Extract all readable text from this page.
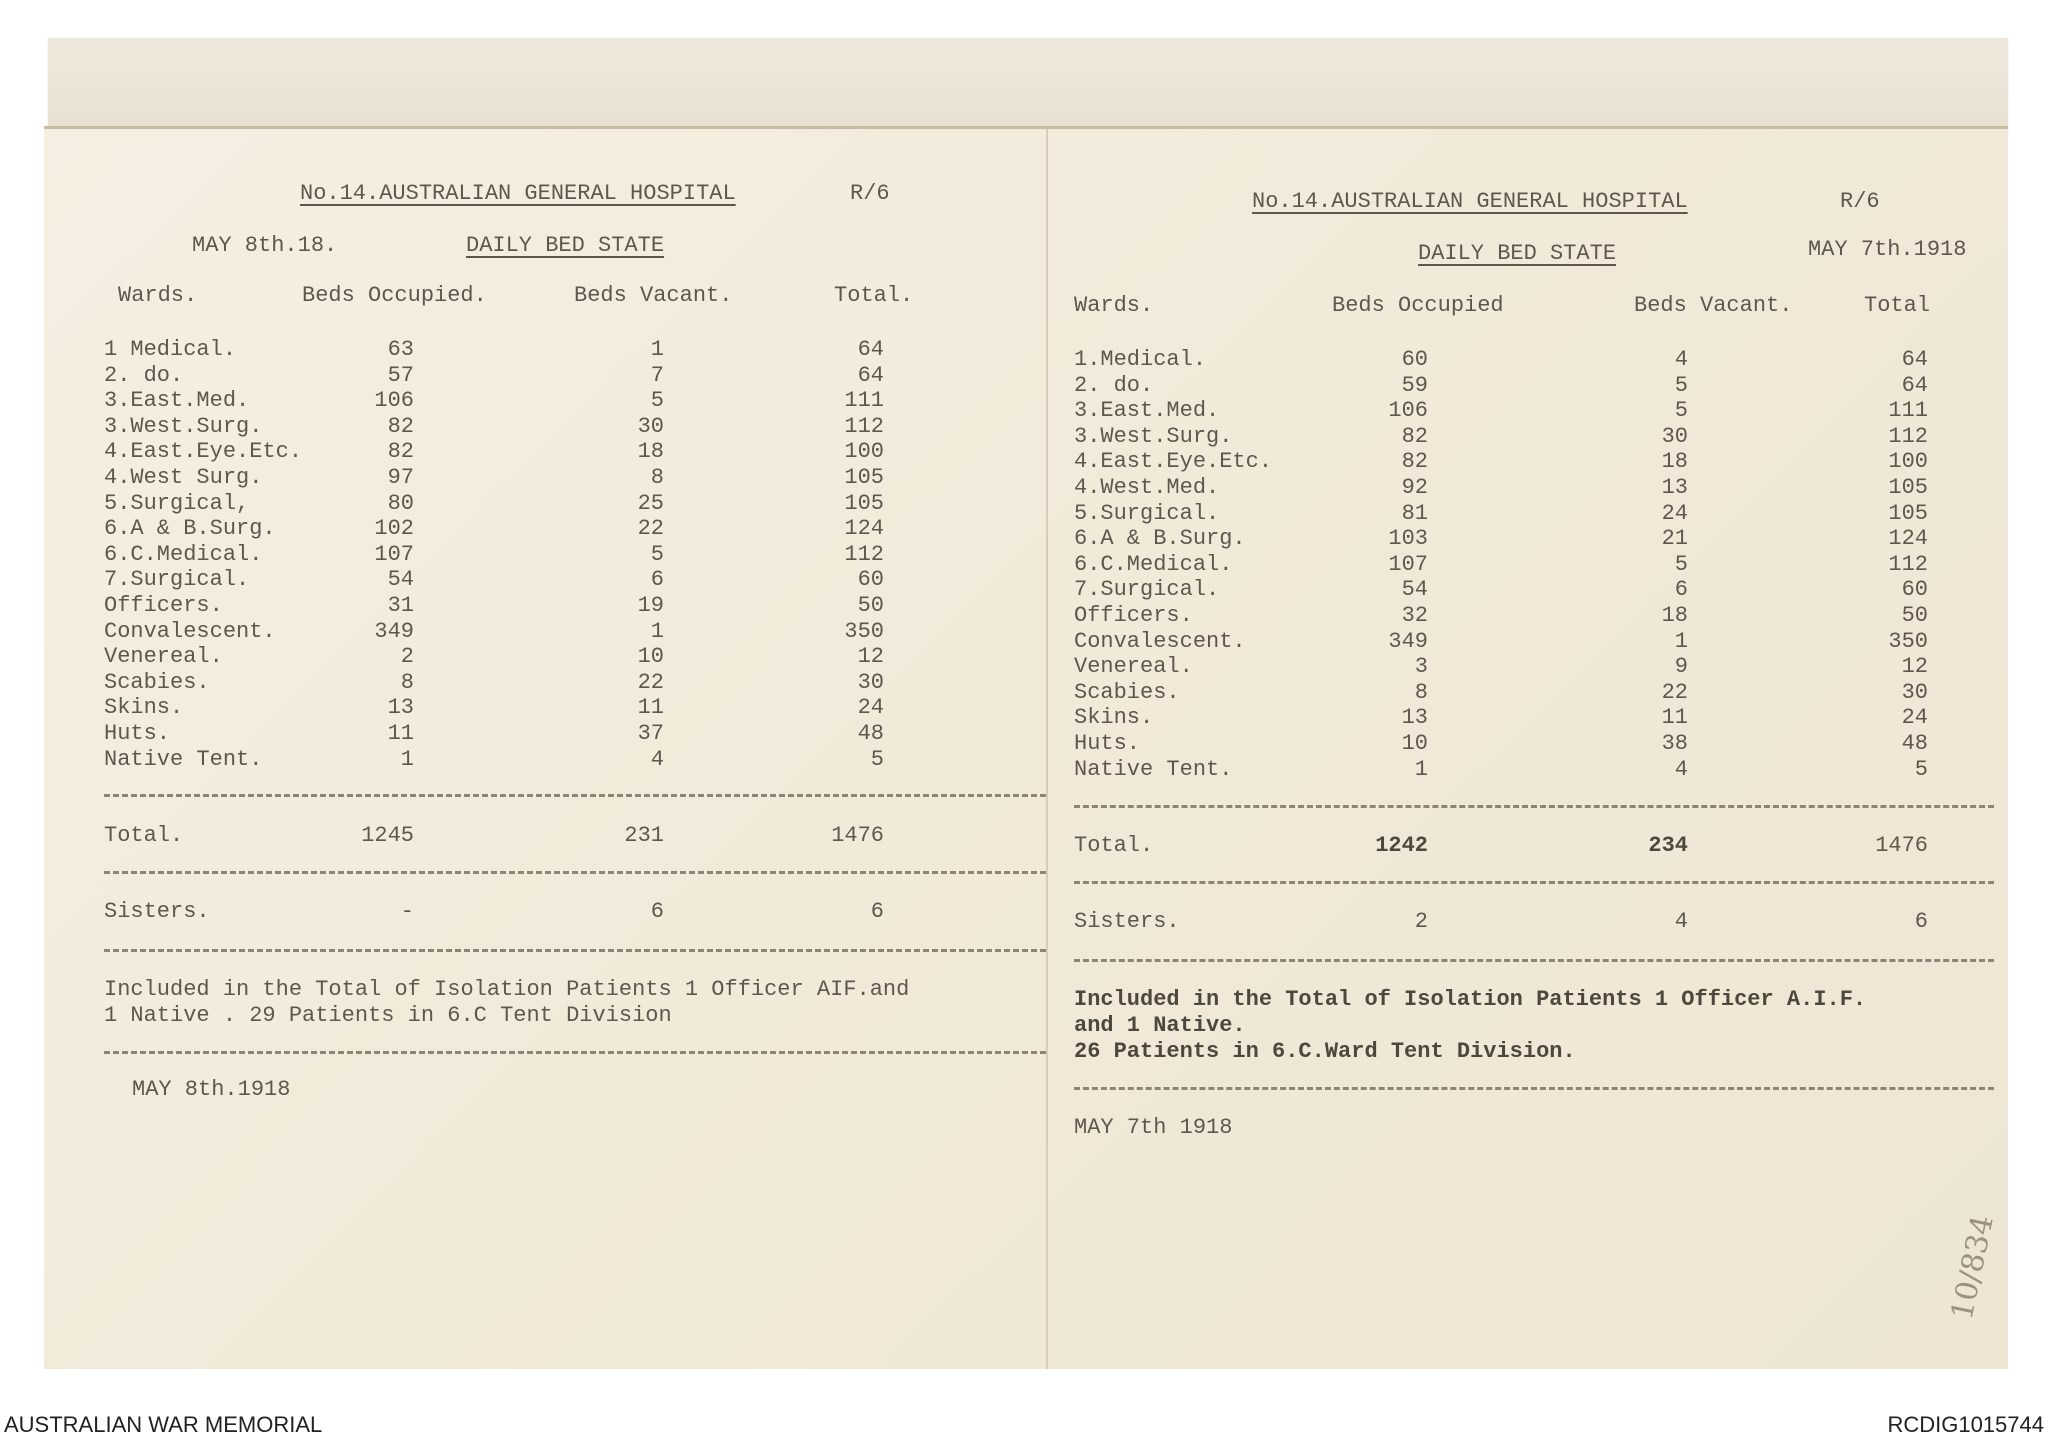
No.14.AUSTRALIAN GENERAL HOSPITAL	R/6
MAY 8th.18.	DAILY BED STATE
Wards.	Beds Occupied.	Beds Vacant.	Total.
1 Medical.	63	1	64
2. do.	57	7	64
3.East.Med.	106	5	111
3.West.Surg.	82	30	112
4.East.Eye.Etc.	82	18	100
4.West Surg.	97	8	105
5.Surgical,	80	25	105
6.A & B.Surg.	102	22	124
6.C.Medical.	107	5	112
7.Surgical.	54	6	60
Officers.	31	19	50
Convalescent.	349	1	350
Venereal.	2	10	12
Scabies.	8	22	30
Skins.	13	11	24
Huts.	11	37	48
Native Tent.	1	4	5
Total.	1245	231	1476
Sisters.	-	6	6
Included in the Total of Isolation Patients 1 Officer AIF.and
1 Native . 29 Patients in 6.C Tent Division
MAY 8th.1918
No.14.AUSTRALIAN GENERAL HOSPITAL	R/6
DAILY BED STATE	MAY 7th.1918
Wards.	Beds Occupied	Beds Vacant.	Total
1.Medical.	60	4	64
2. do.	59	5	64
3.East.Med.	106	5	111
3.West.Surg.	82	30	112
4.East.Eye.Etc.	82	18	100
4.West.Med.	92	13	105
5.Surgical.	81	24	105
6.A & B.Surg.	103	21	124
6.C.Medical.	107	5	112
7.Surgical.	54	6	60
Officers.	32	18	50
Convalescent.	349	1	350
Venereal.	3	9	12
Scabies.	8	22	30
Skins.	13	11	24
Huts.	10	38	48
Native Tent.	1	4	5
Total.	1242	234	1476
Sisters.	2	4	6
Included in the Total of Isolation Patients 1 Officer A.I.F.
and 1 Native.
26 Patients in 6.C.Ward Tent Division.
MAY 7th 1918
10/834
AUSTRALIAN WAR MEMORIAL	RCDIG1015744
